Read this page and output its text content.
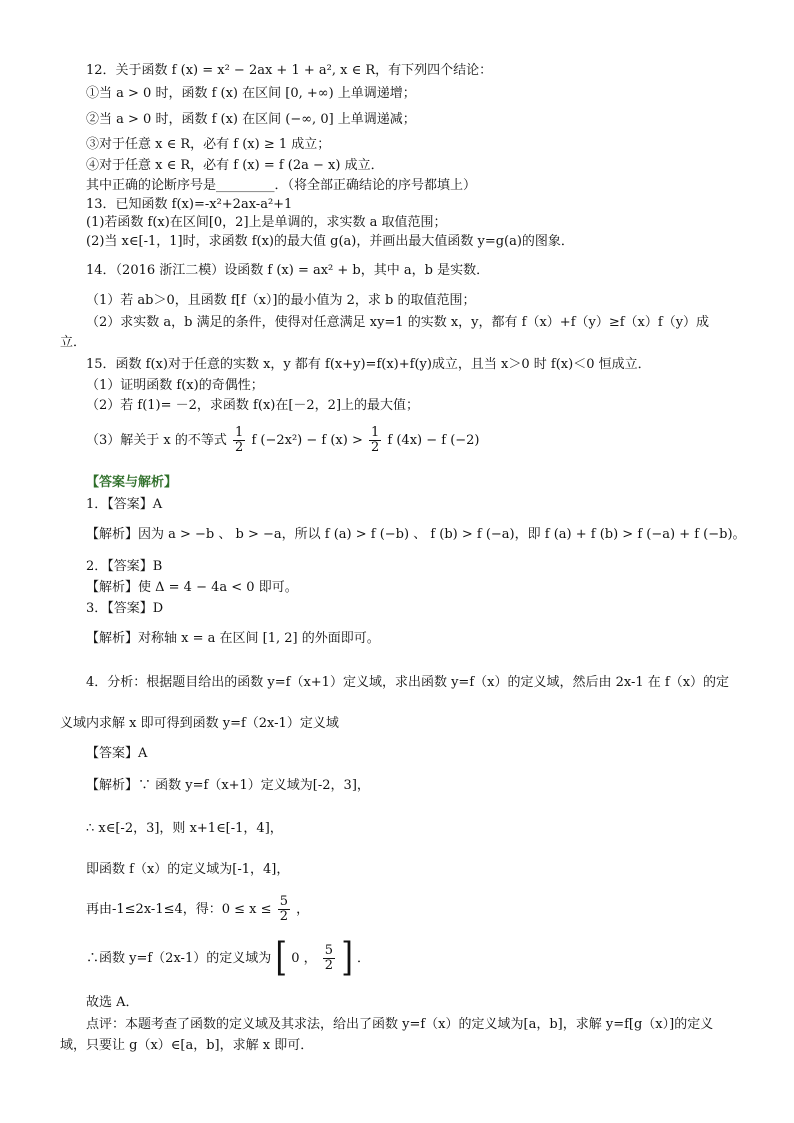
12．关于函数 f (x) = x² − 2ax + 1 + a², x ∈ R，有下列四个结论：
①当 a > 0 时，函数 f (x) 在区间 [0, +∞) 上单调递增；
②当 a > 0 时，函数 f (x) 在区间 (−∞, 0] 上单调递减；
③对于任意 x ∈ R，必有 f (x) ≥ 1 成立；
④对于任意 x ∈ R，必有 f (x) = f (2a − x) 成立．
其中正确的论断序号是_________．（将全部正确结论的序号都填上）
13．已知函数 f(x)=-x²+2ax-a²+1
(1)若函数 f(x)在区间[0，2]上是单调的，求实数 a 取值范围；
(2)当 x∈[-1，1]时，求函数 f(x)的最大值 g(a)，并画出最大值函数 y=g(a)的图象．
14．（2016 浙江二模）设函数 f (x) = ax² + b，其中 a，b 是实数．
（1）若 ab＞0，且函数 f[f（x）]的最小值为 2，求 b 的取值范围；
（2）求实数 a，b 满足的条件，使得对任意满足 xy=1 的实数 x，y，都有 f（x）+f（y）≥f（x）f（y）成
立．
15．函数 f(x)对于任意的实数 x，y 都有 f(x+y)=f(x)+f(y)成立，且当 x＞0 时 f(x)＜0 恒成立．
（1）证明函数 f(x)的奇偶性；
（2）若 f(1)= －2，求函数 f(x)在[－2，2]上的最大值；
（3）解关于 x 的不等式 $\frac{1}{2}$ f (−2x²) − f $(x) > \frac{1}{2}$ f (4x) − f (−2)
【答案与解析】
1．【答案】A
【解析】因为 a > −b 、 b > −a，所以 f (a) > f (−b) 、 f (b) > f (−a)，即 f (a) + f (b) > f (−a) + f (−b)。
2．【答案】B
【解析】使 Δ = 4 − 4a < 0 即可。
3．【答案】D
【解析】对称轴 x = a 在区间 [1, 2] 的外面即可。
4．分析：根据题目给出的函数 y=f（x+1）定义域，求出函数 y=f（x）的定义域，然后由 2x-1 在 f（x）的定
义域内求解 x 即可得到函数 y=f（2x-1）定义域
【答案】A
【解析】∵ 函数 y=f（x+1）定义域为[-2，3]，
∴ x∈[-2，3]，则 x+1∈[-1，4]，
即函数 f（x）的定义域为[-1，4]，
再由-1≤2x-1≤4，得：$0 \le x \le \frac{5}{2}$ ，
∴函数 y=f（2x-1）的定义域为 [ 0 ， $\frac{5}{2}$ ] ．
故选 A．
点评：本题考查了函数的定义域及其求法，给出了函数 y=f（x）的定义域为[a，b]，求解 y=f[g（x）]的定义
域，只要让 g（x）∈[a，b]，求解 x 即可．
